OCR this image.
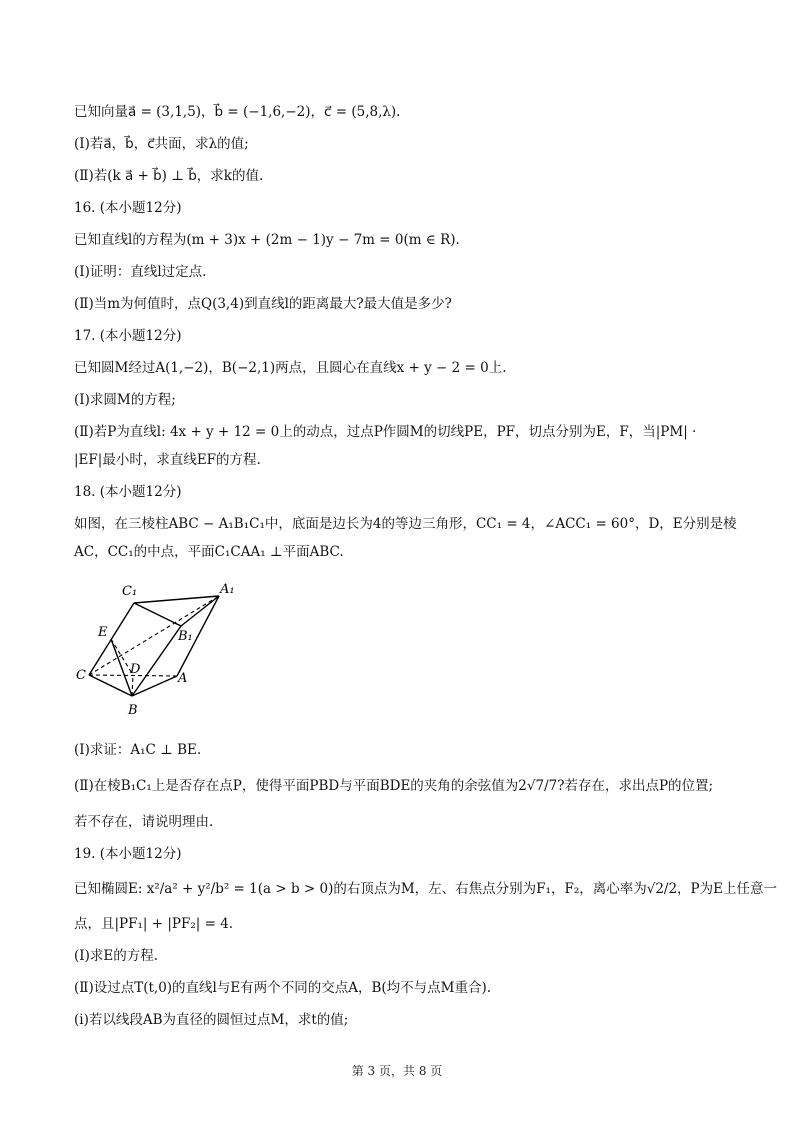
已知向量a⃗ = (3,1,5)，b⃗ = (−1,6,−2)，c⃗ = (5,8,λ).
(Ⅰ)若a⃗，b⃗，c⃗共面，求λ的值;
(Ⅱ)若(k a⃗ + b⃗) ⊥ b⃗，求k的值.
16. (本小题12分)
已知直线l的方程为(m + 3)x + (2m − 1)y − 7m = 0(m ∈ R).
(Ⅰ)证明：直线l过定点.
(Ⅱ)当m为何值时，点Q(3,4)到直线l的距离最大?最大值是多少?
17. (本小题12分)
已知圆M经过A(1,−2)，B(−2,1)两点，且圆心在直线x + y − 2 = 0上.
(Ⅰ)求圆M的方程;
(Ⅱ)若P为直线l: 4x + y + 12 = 0上的动点，过点P作圆M的切线PE，PF，切点分别为E，F，当|PM| ·
|EF|最小时，求直线EF的方程.
18. (本小题12分)
如图，在三棱柱ABC − A₁B₁C₁中，底面是边长为4的等边三角形，CC₁ = 4，∠ACC₁ = 60°，D，E分别是棱
AC，CC₁的中点，平面C₁CAA₁ ⊥平面ABC.
C₁	A₁
B₁
E
D
C	A
B
(Ⅰ)求证：A₁C ⊥ BE.
(Ⅱ)在棱B₁C₁上是否存在点P，使得平面PBD与平面BDE的夹角的余弦值为2√7/7?若存在，求出点P的位置;
若不存在，请说明理由.
19. (本小题12分)
已知椭圆E: x²/a² + y²/b² = 1(a > b > 0)的右顶点为M，左、右焦点分别为F₁，F₂，离心率为√2/2，P为E上任意一
点，且|PF₁| + |PF₂| = 4.
(Ⅰ)求E的方程.
(Ⅱ)设过点T(t,0)的直线l与E有两个不同的交点A，B(均不与点M重合).
(ⅰ)若以线段AB为直径的圆恒过点M，求t的值;
第 3 页，共 8 页
